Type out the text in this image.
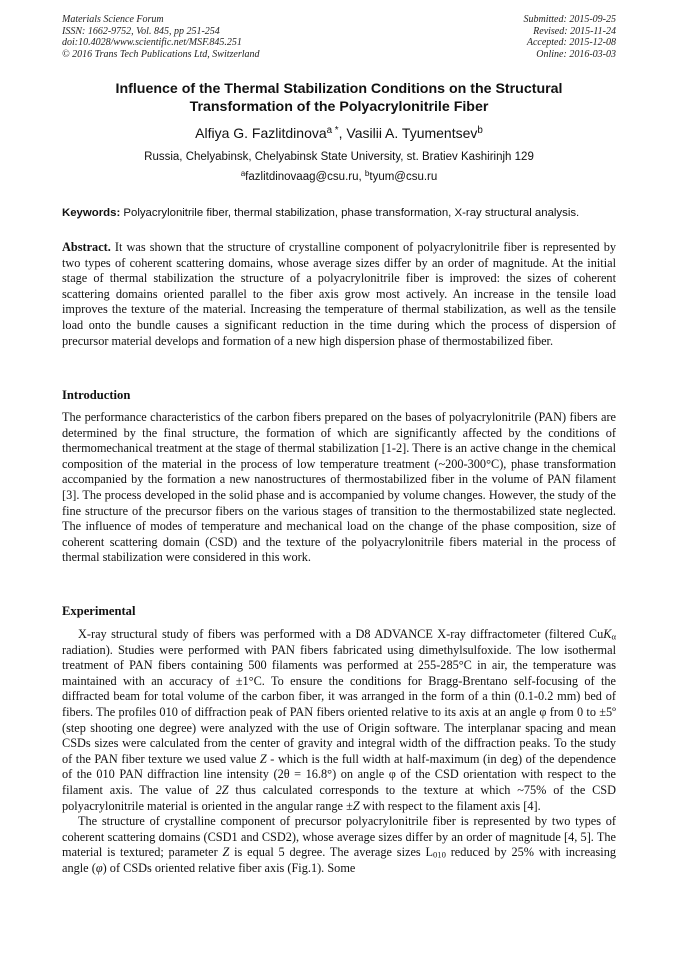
Materials Science Forum
ISSN: 1662-9752, Vol. 845, pp 251-254
doi:10.4028/www.scientific.net/MSF.845.251
© 2016 Trans Tech Publications Ltd, Switzerland
Submitted: 2015-09-25
Revised: 2015-11-24
Accepted: 2015-12-08
Online: 2016-03-03
Influence of the Thermal Stabilization Conditions on the Structural
Transformation of the Polyacrylonitrile Fiber
Alfiya G. Fazlitdinova$^{a *}$, Vasilii A. Tyumentsev$^b$
Russia, Chelyabinsk, Chelyabinsk State University, st. Bratiev Kashirinjh 129
$^a$fazlitdinovaag@csu.ru, $^b$tyum@csu.ru
Keywords: Polyacrylonitrile fiber, thermal stabilization, phase transformation, X-ray structural analysis.
Abstract. It was shown that the structure of crystalline component of polyacrylonitrile fiber is represented by two types of coherent scattering domains, whose average sizes differ by an order of magnitude. At the initial stage of thermal stabilization the structure of a polyacrylonitrile fiber is improved: the sizes of coherent scattering domains oriented parallel to the fiber axis grow most actively. An increase in the tensile load improves the texture of the material. Increasing the temperature of thermal stabilization, as well as the tensile load onto the bundle causes a significant reduction in the time during which the process of dispersion of precursor material develops and formation of a new high dispersion phase of thermostabilized fiber.
Introduction
The performance characteristics of the carbon fibers prepared on the bases of polyacrylonitrile (PAN) fibers are determined by the final structure, the formation of which are significantly affected by the conditions of thermomechanical treatment at the stage of thermal stabilization [1-2]. There is an active change in the chemical composition of the material in the process of low temperature treatment (~200-300°C), phase transformation accompanied by the formation a new nanostructures of thermostabilized fiber in the volume of PAN filament [3]. The process developed in the solid phase and is accompanied by volume changes. However, the study of the fine structure of the precursor fibers on the various stages of transition to the thermostabilized state neglected. The influence of modes of temperature and mechanical load on the change of the phase composition, size of coherent scattering domain (CSD) and the texture of the polyacrylonitrile fibers material in the process of thermal stabilization were considered in this work.
Experimental

X-ray structural study of fibers was performed with a D8 ADVANCE X-ray diffractometer (filtered CuK$_\alpha$ radiation). Studies were performed with PAN fibers fabricated using dimethylsulfoxide. The low isothermal treatment of PAN fibers containing 500 filaments was performed at 255-285°C in air, the temperature was maintained with an accuracy of ±1°C. To ensure the conditions for Bragg-Brentano self-focusing of the diffracted beam for total volume of the carbon fiber, it was arranged in the form of a thin (0.1-0.2 mm) bed of fibers. The profiles 010 of diffraction peak of PAN fibers oriented relative to its axis at an angle φ from 0 to ±5º (step shooting one degree) were analyzed with the use of Origin software. The interplanar spacing and mean CSDs sizes were calculated from the center of gravity and integral width of the diffraction peaks. To the study of the PAN fiber texture we used value Z - which is the full width at half-maximum (in deg) of the dependence of the 010 PAN diffraction line intensity (2θ = 16.8°) on angle φ of the CSD orientation with respect to the filament axis. The value of 2Z thus calculated corresponds to the texture at which ~75% of the CSD polyacrylonitrile material is oriented in the angular range ±Z with respect to the filament axis [4].

The structure of crystalline component of precursor polyacrylonitrile fiber is represented by two types of coherent scattering domains (CSD1 and CSD2), whose average sizes differ by an order of magnitude [4, 5]. The material is textured; parameter Z is equal 5 degree. The average sizes $L_{010}$ reduced by 25% with increasing angle (φ) of CSDs oriented relative fiber axis (Fig.1). Some
